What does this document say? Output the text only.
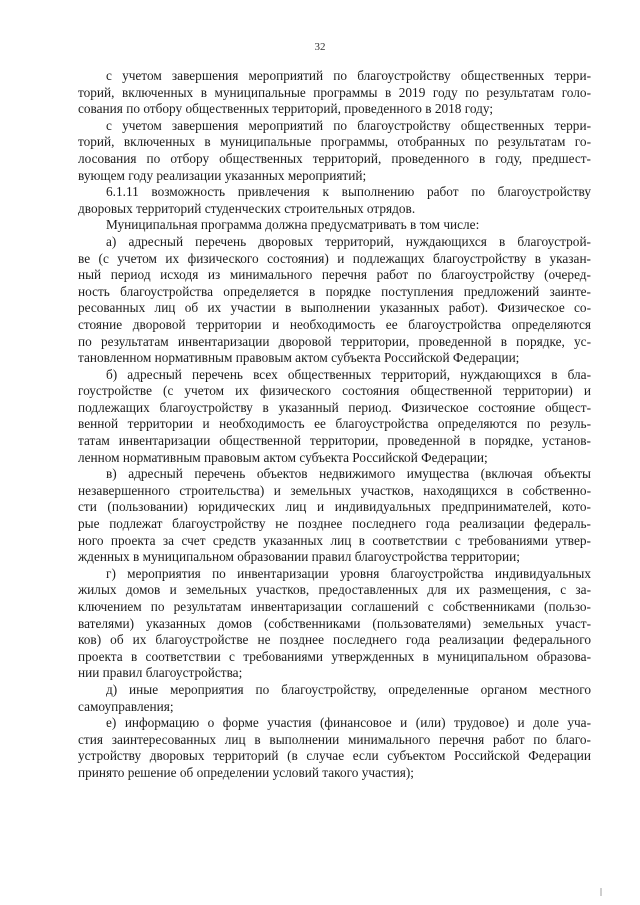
32
с учетом завершения мероприятий по благоустройству общественных терри-
торий, включенных в муниципальные программы в 2019 году по результатам голо-
сования по отбору общественных территорий, проведенного в 2018 году;
с учетом завершения мероприятий по благоустройству общественных терри-
торий, включенных в муниципальные программы, отобранных по результатам го-
лосования по отбору общественных территорий, проведенного в году, предшест-
вующем году реализации указанных мероприятий;
6.1.11 возможность привлечения к выполнению работ по благоустройству
дворовых территорий студенческих строительных отрядов.
Муниципальная программа должна предусматривать в том числе:
а) адресный перечень дворовых территорий, нуждающихся в благоустрой-
ве (с учетом их физического состояния) и подлежащих благоустройству в указан-
ный период исходя из минимального перечня работ по благоустройству (очеред-
ность благоустройства определяется в порядке поступления предложений заинте-
ресованных лиц об их участии в выполнении указанных работ). Физическое со-
стояние дворовой территории и необходимость ее благоустройства определяются
по результатам инвентаризации дворовой территории, проведенной в порядке, ус-
тановленном нормативным правовым актом субъекта Российской Федерации;
б) адресный перечень всех общественных территорий, нуждающихся в бла-
гоустройстве (с учетом их физического состояния общественной территории) и
подлежащих благоустройству в указанный период. Физическое состояние общест-
венной территории и необходимость ее благоустройства определяются по резуль-
татам инвентаризации общественной территории, проведенной в порядке, установ-
ленном нормативным правовым актом субъекта Российской Федерации;
в) адресный перечень объектов недвижимого имущества (включая объекты
незавершенного строительства) и земельных участков, находящихся в собственно-
сти (пользовании) юридических лиц и индивидуальных предпринимателей, кото-
рые подлежат благоустройству не позднее последнего года реализации федераль-
ного проекта за счет средств указанных лиц в соответствии с требованиями утвер-
жденных в муниципальном образовании правил благоустройства территории;
г) мероприятия по инвентаризации уровня благоустройства индивидуальных
жилых домов и земельных участков, предоставленных для их размещения, с за-
ключением по результатам инвентаризации соглашений с собственниками (пользо-
вателями) указанных домов (собственниками (пользователями) земельных участ-
ков) об их благоустройстве не позднее последнего года реализации федерального
проекта в соответствии с требованиями утвержденных в муниципальном образова-
нии правил благоустройства;
д) иные мероприятия по благоустройству, определенные органом местного
самоуправления;
е) информацию о форме участия (финансовое и (или) трудовое) и доле уча-
стия заинтересованных лиц в выполнении минимального перечня работ по благо-
устройству дворовых территорий (в случае если субъектом Российской Федерации
принято решение об определении условий такого участия);
